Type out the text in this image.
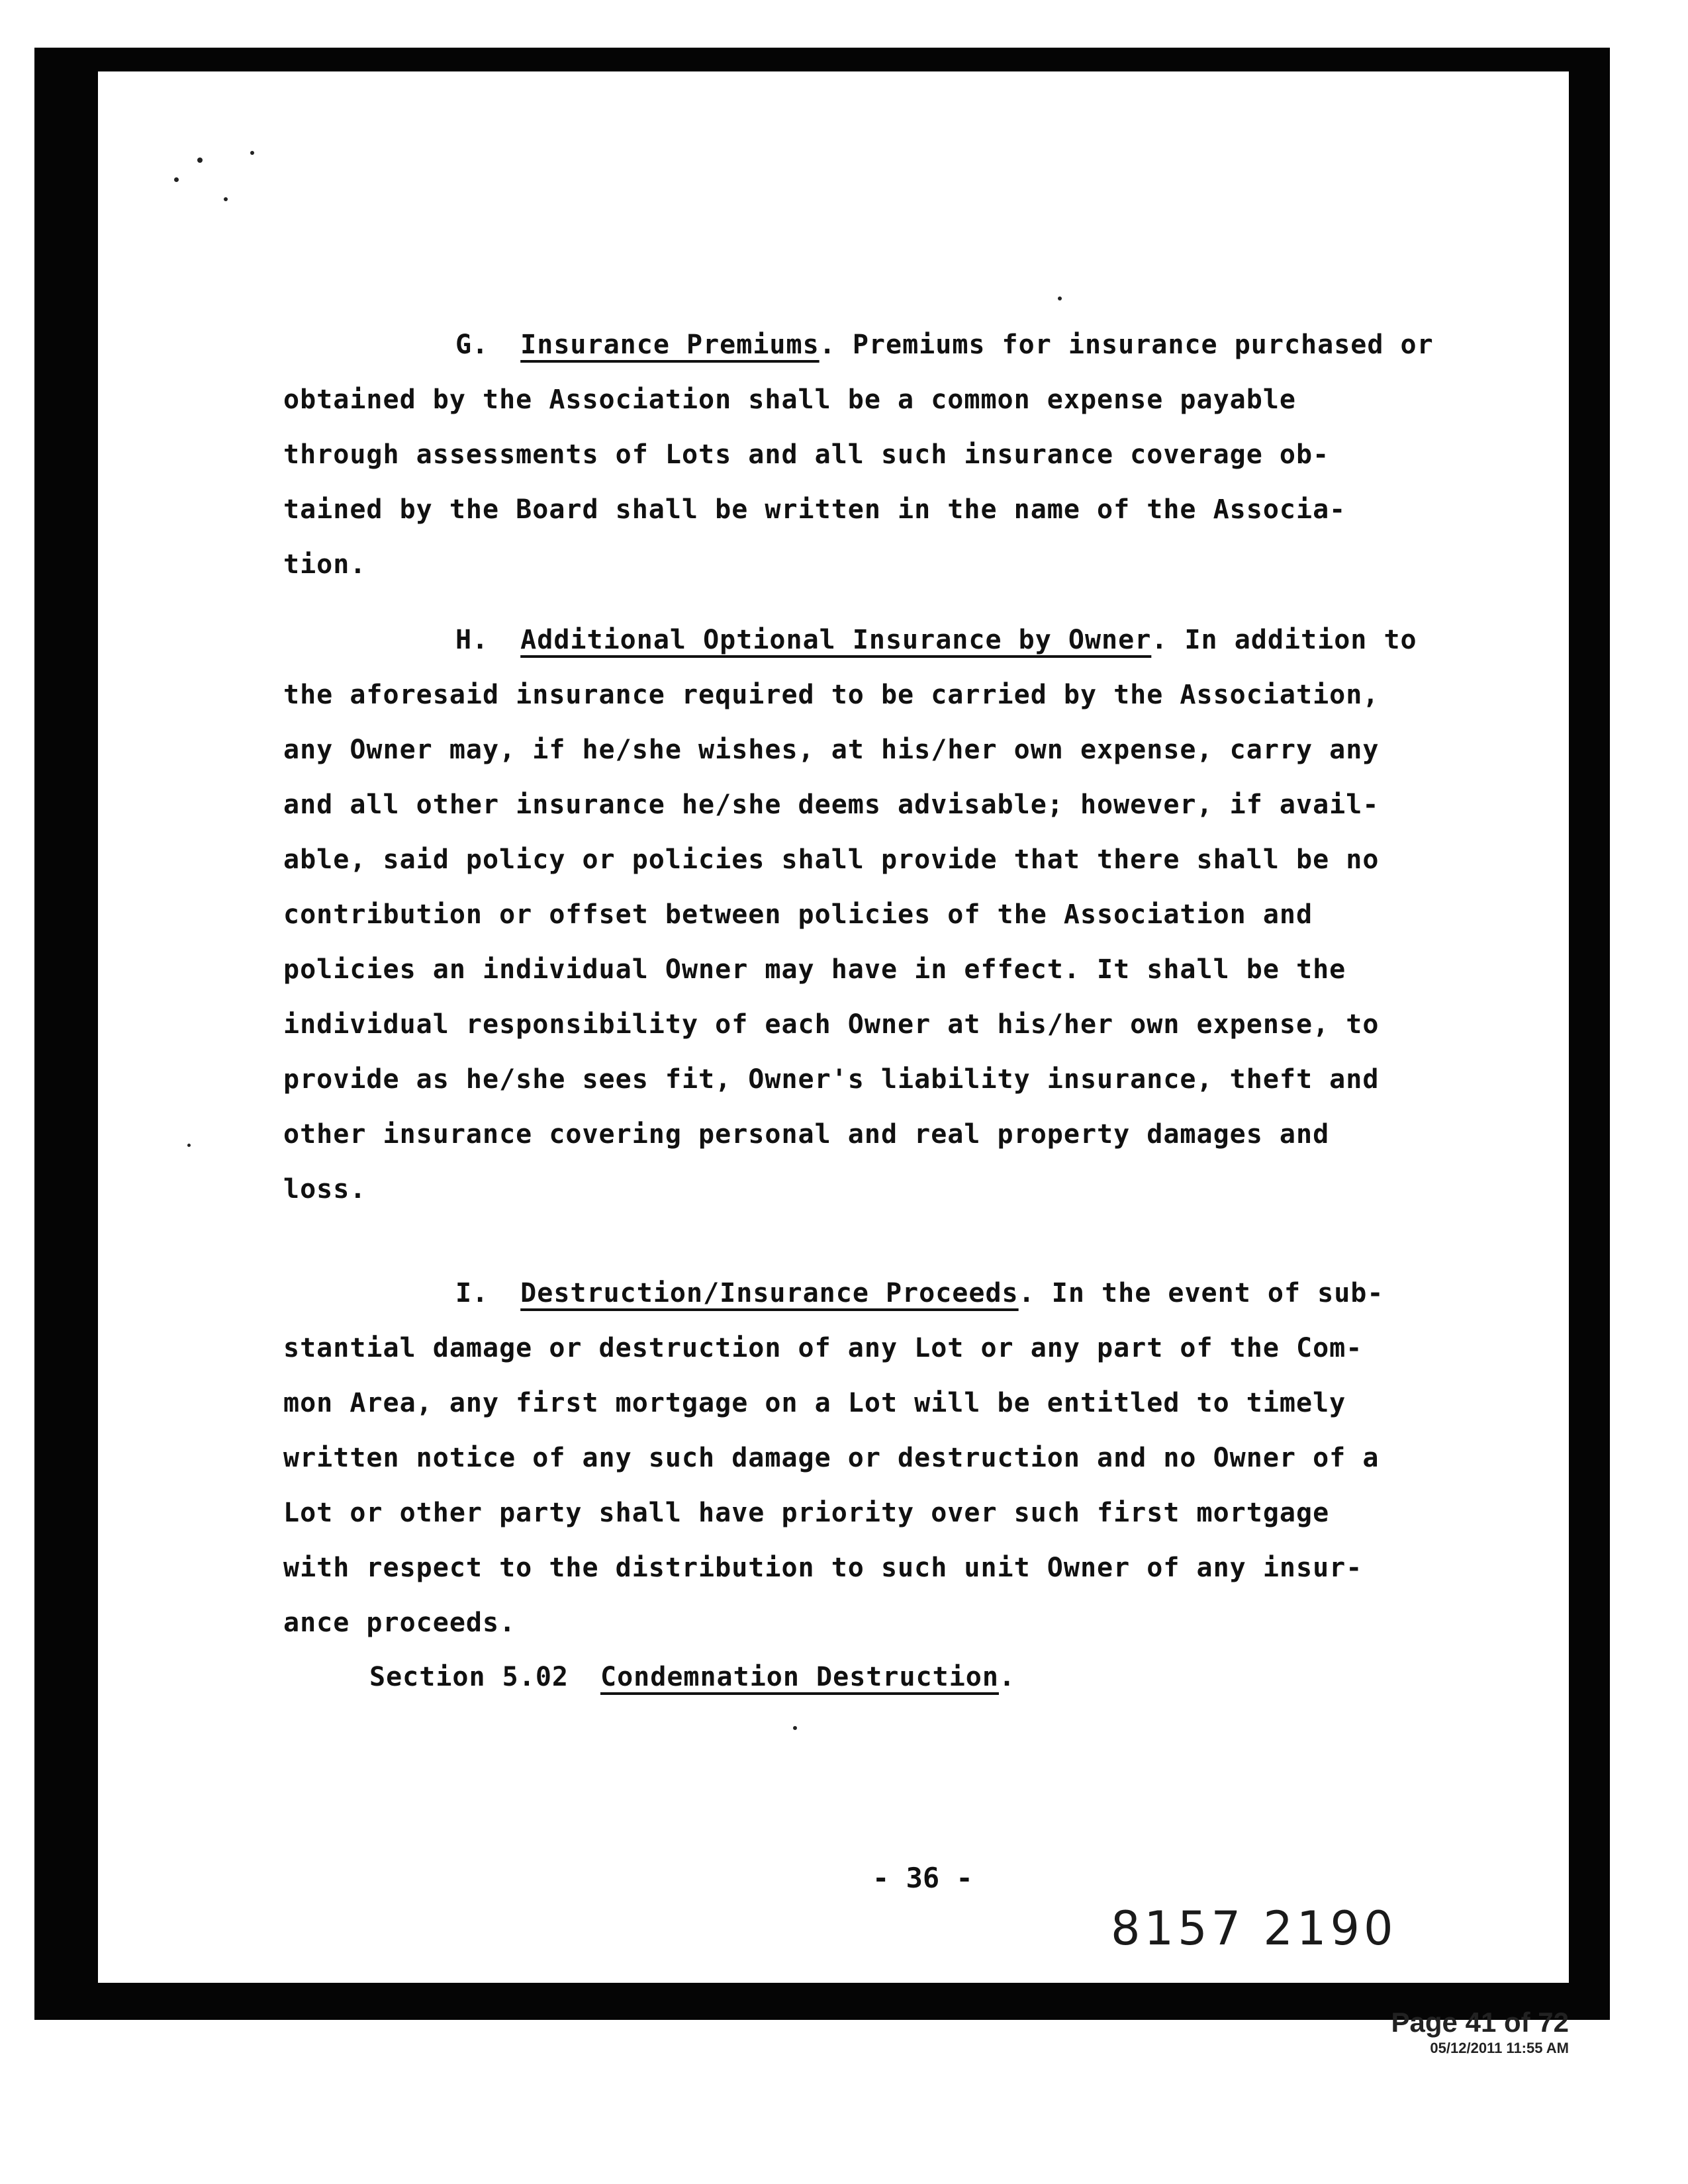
G. Insurance Premiums. Premiums for insurance purchased or
obtained by the Association shall be a common expense payable
through assessments of Lots and all such insurance coverage ob-
tained by the Board shall be written in the name of the Associa-
tion.

H. Additional Optional Insurance by Owner. In addition to
the aforesaid insurance required to be carried by the Association,
any Owner may, if he/she wishes, at his/her own expense, carry any
and all other insurance he/she deems advisable; however, if avail-
able, said policy or policies shall provide that there shall be no
contribution or offset between policies of the Association and
policies an individual Owner may have in effect. It shall be the
individual responsibility of each Owner at his/her own expense, to
provide as he/she sees fit, Owner's liability insurance, theft and
other insurance covering personal and real property damages and
loss.

I. Destruction/Insurance Proceeds. In the event of sub-
stantial damage or destruction of any Lot or any part of the Com-
mon Area, any first mortgage on a Lot will be entitled to timely
written notice of any such damage or destruction and no Owner of a
Lot or other party shall have priority over such first mortgage
with respect to the distribution to such unit Owner of any insur-
ance proceeds.

Section 5.02 Condemnation Destruction.

- 36 -
8157 2190
Page 41 of 72
05/12/2011 11:55 AM
